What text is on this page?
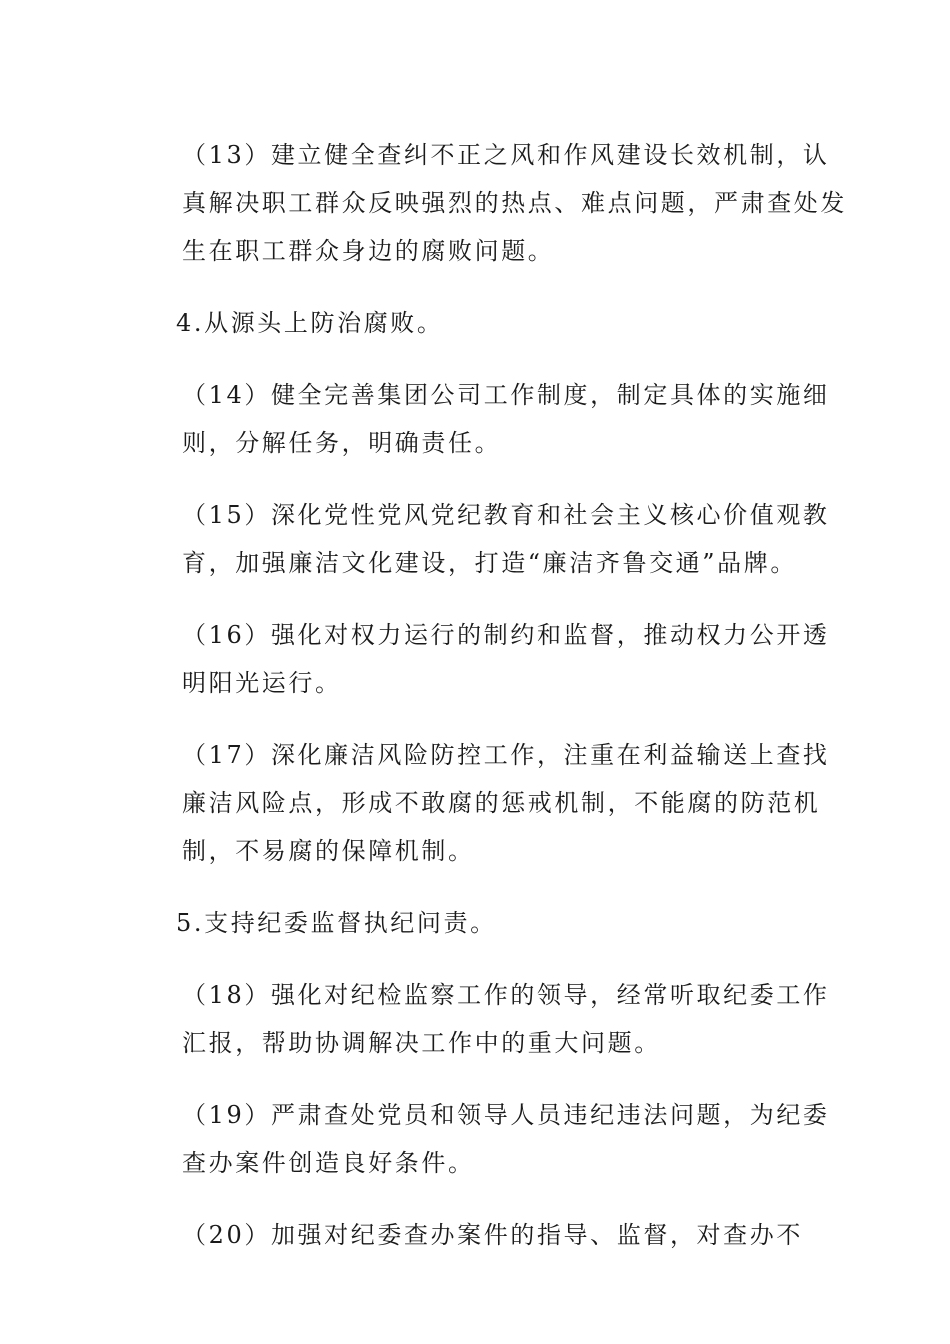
（13）建立健全查纠不正之风和作风建设长效机制，认
真解决职工群众反映强烈的热点、难点问题，严肃查处发
生在职工群众身边的腐败问题。

4.从源头上防治腐败。

（14）健全完善集团公司工作制度，制定具体的实施细
则，分解任务，明确责任。

（15）深化党性党风党纪教育和社会主义核心价值观教
育，加强廉洁文化建设，打造“廉洁齐鲁交通”品牌。

（16）强化对权力运行的制约和监督，推动权力公开透
明阳光运行。

（17）深化廉洁风险防控工作，注重在利益输送上查找
廉洁风险点，形成不敢腐的惩戒机制，不能腐的防范机
制，不易腐的保障机制。

5.支持纪委监督执纪问责。

（18）强化对纪检监察工作的领导，经常听取纪委工作
汇报，帮助协调解决工作中的重大问题。

（19）严肃查处党员和领导人员违纪违法问题，为纪委
查办案件创造良好条件。

（20）加强对纪委查办案件的指导、监督，对查办不
